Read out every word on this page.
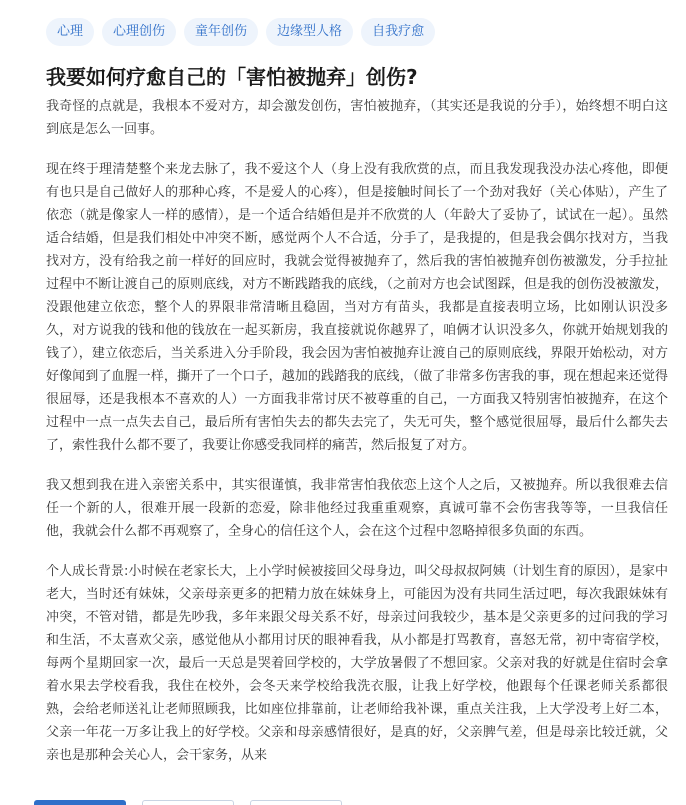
心理	心理创伤	童年创伤	边缘型人格	自我疗愈
我要如何疗愈自己的「害怕被抛弃」创伤?

我奇怪的点就是，我根本不爱对方，却会激发创伤，害怕被抛弃，（其实还是我说的分手），始终想不明白这到底是怎么一回事。

现在终于理清楚整个来龙去脉了，我不爱这个人（身上没有我欣赏的点，而且我发现我没办法心疼他，即便有也只是自己做好人的那种心疼，不是爱人的心疼），但是接触时间长了一个劲对我好（关心体贴），产生了依恋（就是像家人一样的感情），是一个适合结婚但是并不欣赏的人（年龄大了妥协了，试试在一起）。虽然适合结婚，但是我们相处中冲突不断，感觉两个人不合适，分手了，是我提的，但是我会偶尔找对方，当我找对方，没有给我之前一样好的回应时，我就会觉得被抛弃了，然后我的害怕被抛弃创伤被激发，分手拉扯过程中不断让渡自己的原则底线，对方不断践踏我的底线，（之前对方也会试图踩，但是我的创伤没被激发，没跟他建立依恋，整个人的界限非常清晰且稳固，当对方有苗头，我都是直接表明立场，比如刚认识没多久，对方说我的钱和他的钱放在一起买新房，我直接就说你越界了，咱俩才认识没多久，你就开始规划我的钱了），建立依恋后，当关系进入分手阶段，我会因为害怕被抛弃让渡自己的原则底线，界限开始松动，对方好像闻到了血腥一样，撕开了一个口子，越加的践踏我的底线，（做了非常多伤害我的事，现在想起来还觉得很屈辱，还是我根本不喜欢的人）一方面我非常讨厌不被尊重的自己，一方面我又特别害怕被抛弃，在这个过程中一点一点失去自己，最后所有害怕失去的都失去完了，失无可失，整个感觉很屈辱，最后什么都失去了，索性我什么都不要了，我要让你感受我同样的痛苦，然后报复了对方。

我又想到我在进入亲密关系中，其实很谨慎，我非常害怕我依恋上这个人之后，又被抛弃。所以我很难去信任一个新的人，很难开展一段新的恋爱，除非他经过我重重观察，真诚可靠不会伤害我等等，一旦我信任他，我就会什么都不再观察了，全身心的信任这个人，会在这个过程中忽略掉很多负面的东西。

个人成长背景:小时候在老家长大，上小学时候被接回父母身边，叫父母叔叔阿姨（计划生育的原因），是家中老大，当时还有妹妹，父亲母亲更多的把精力放在妹妹身上，可能因为没有共同生活过吧，每次我跟妹妹有冲突，不管对错，都是先吵我，多年来跟父母关系不好，母亲过问我较少，基本是父亲更多的过问我的学习和生活，不太喜欢父亲，感觉他从小都用讨厌的眼神看我，从小都是打骂教育，喜怒无常，初中寄宿学校，每两个星期回家一次，最后一天总是哭着回学校的，大学放暑假了不想回家。父亲对我的好就是住宿时会拿着水果去学校看我，我住在校外，会冬天来学校给我洗衣服，让我上好学校，他跟每个任课老师关系都很熟，会给老师送礼让老师照顾我，比如座位排靠前，让老师给我补课，重点关注我，上大学没考上好二本，父亲一年花一万多让我上的好学校。父亲和母亲感情很好，是真的好，父亲脾气差，但是母亲比较迁就，父亲也是那种会关心人，会干家务，从来
